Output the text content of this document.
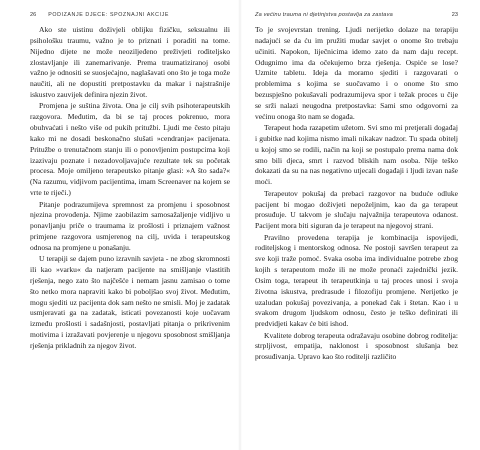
26 PODIZANJE DJECE: SPOZNAJNI AKCIJE

Ako ste uistinu doživjeli oblijku fizičku, seksualnu ili psihološku traumu, važno je to priznati i poraditi na tome. Nijedno dijete ne može neoziljeđeno preživjeti rođiteljsko zlostavljanje ili zanemarivanje. Prema traumatiziranoj osobi važno je odnositi se suosjećajno, naglašavati ono što je toga može naučiti, ali ne dopustiti pretpostavku da makar i najstrašnije iskustvo zauvijek definira njezin život.

Promjena je suština života. Ona je cilj svih psihoterapeutskih razgovora. Međutim, da bi se taj proces pokrenuo, mora obuhvaćati i nešto više od pukih pritužbi. Ljudi me često pitaju kako mi ne dosadi beskonačno slušati »cendranja« pacijenata. Pritužbe o trenutačnom stanju ili o ponovljenim postupcima koji izazivaju poznate i nezadovoljavajuće rezultate tek su početak procesa. Moje omiljeno terapeutsko pitanje glasi: »A što sada?« (Na razumu, vidjivom pacijentima, imam Screenaver na kojem se vrte te riječi.)

Pitanje podrazumijeva spremnost za promjenu i sposobnost njezina provođenja. Njime zaobilazim samosažaljenje vidljivo u ponavljanju priče o traumama iz prošlosti i priznajem važnost primjene razgovora usmjerenog na cilj, uvida i terapeutskog odnosa na promjene u ponašanju.

U terapiji se dajem puno izravnih savjeta - ne zbog skromnosti ili kao »varku« da natjeram pacijente na smišljanje vlastitih rješenja, nego zato što najčešće i nemam jasnu zamisao o tome što netko mora napraviti kako bi poboljšao svoj život. Međutim, mogu sjediti uz pacijenta dok sam nešto ne smisli. Moj je zadatak usmjeravati ga na zadatak, isticati povezanosti koje uočavam između prošlosti i sadašnjosti, postavljati pitanja o prikrivenim motivima i izražavati povjerenje u njegovu sposobnost smišljanja rješenja prikladnih za njegov život.

Za većinu trauma ni djetinjstva postavlja za zastava	23

To je svojevrstan trening. Ljudi nerijetko dolaze na terapiju nadajući se da ću im pružiti mudar savjet o onome što trebaju učiniti. Napokon, liječnicima idemo zato da nam daju recept. Odugnimo ima da očekujemo brza rješenja. Ospiće se lose? Uzmite tabletu. Ideja da moramo sjediti i razgovarati o problemima s kojima se suočavamo i o onome što smo bezuspješno pokušavali podrazumijeva spor i težak proces u čije se srži nalazi neugodna pretpostavka: Sami smo odgovorni za većinu onoga što nam se događa.

Terapeut hoda razapetim užetom. Svi smo mi pretjerali događaj i gubitke nad kojima nismo imali nikakav nadzor. Tu spada obitelj u kojoj smo se rodili, način na koji se postupalo prema nama dok smo bili djeca, smrt i razvod bliskih nam osoba. Nije teško dokazati da su na nas negativno utjecali događaji i ljudi izvan naše moći.

Terapeutov pokušaj da prebaci razgovor na buduće odluke pacijent bi mogao doživjeti nepoželjnim, kao da ga terapeut prosuđuje. U takvom je slučaju najvažnija terapeutova odanost. Pacijent mora biti siguran da je terapeut na njegovoj strani.

Pravilno provedena terapija je kombinacija ispovijedi, roditeljskog i mentorskog odnosa. Ne postoji savršen terapeut za sve koji traže pomoć. Svaka osoba ima individualne potrebe zbog kojih s terapeutom može ili ne može pronaći zajednički jezik. Osim toga, terapeut ih terapeutkinja u taj proces unosi i svoja životna iskustva, predrasude i filozofiju promjene. Nerijetko je uzaludan pokušaj povezivanja, a ponekad čak i štetan. Kao i u svakom drugom ljudskom odnosu, često je teško definirati ili predvidjeti kakav će biti ishod.

Kvalitete dobrog terapeuta odražavaju osobine dobrog roditelja: strpljivost, empatija, naklonost i sposobnost slušanja bez prosuđivanja. Upravo kao što roditelji različito
